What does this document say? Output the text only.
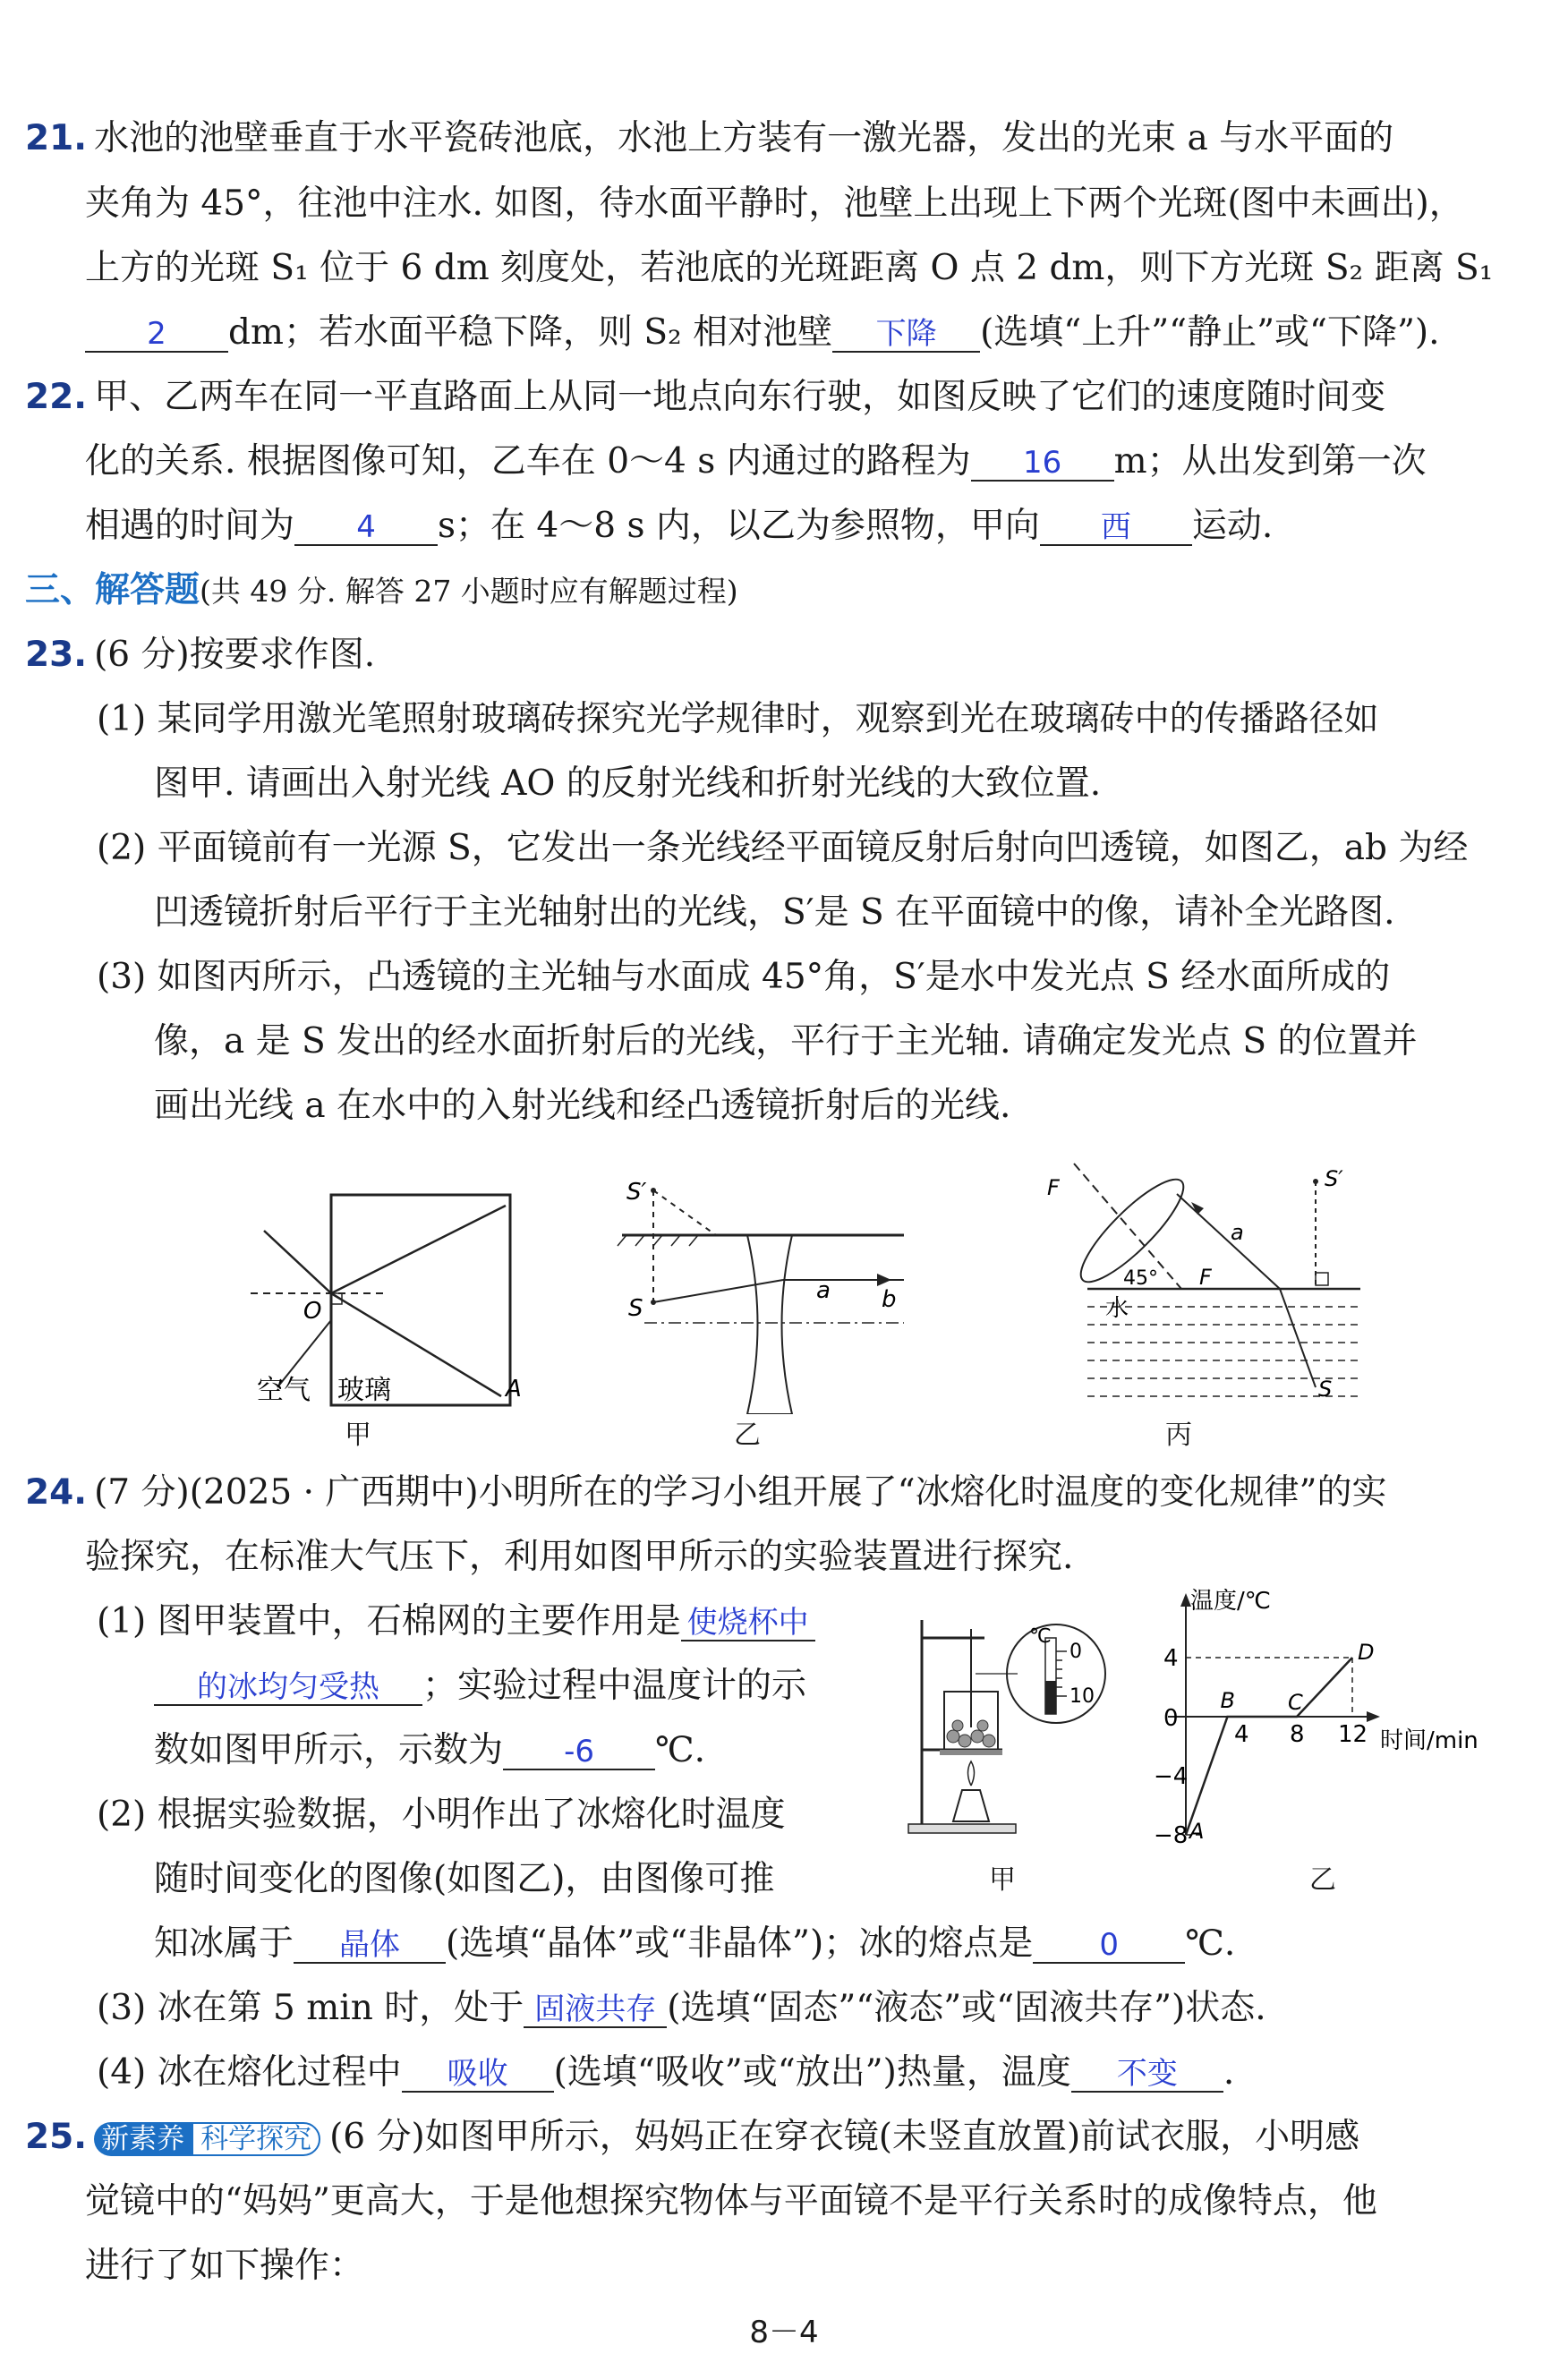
21. 水池的池壁垂直于水平瓷砖池底，水池上方装有一激光器，发出的光束 a 与水平面的
夹角为 45°，往池中注水. 如图，待水面平静时，池壁上出现上下两个光斑(图中未画出)，
上方的光斑 S₁ 位于 6 dm 刻度处，若池底的光斑距离 O 点 2 dm，则下方光斑 S₂ 距离 S₁
2 dm；若水面平稳下降，则 S₂ 相对池壁 下降 (选填“上升”“静止”或“下降”).
22. 甲、乙两车在同一平直路面上从同一地点向东行驶，如图反映了它们的速度随时间变
化的关系. 根据图像可知，乙车在 0～4 s 内通过的路程为 16 m；从出发到第一次
相遇的时间为 4 s；在 4～8 s 内，以乙为参照物，甲向 西 运动.
三、解答题(共 49 分. 解答 27 小题时应有解题过程)
23. (6 分)按要求作图.
(1) 某同学用激光笔照射玻璃砖探究光学规律时，观察到光在玻璃砖中的传播路径如
图甲. 请画出入射光线 AO 的反射光线和折射光线的大致位置.
(2) 平面镜前有一光源 S，它发出一条光线经平面镜反射后射向凹透镜，如图乙，ab 为经
凹透镜折射后平行于主光轴射出的光线，S′是 S 在平面镜中的像，请补全光路图.
(3) 如图丙所示，凸透镜的主光轴与水面成 45°角，S′是水中发光点 S 经水面所成的
像，a 是 S 发出的经水面折射后的光线，平行于主光轴. 请确定发光点 S 的位置并
画出光线 a 在水中的入射光线和经凸透镜折射后的光线.
O
A
空气 玻璃
甲
S′
S
a b
乙
F
F
45°
a
S′
S
水
丙
24. (7 分)(2025 · 广西期中)小明所在的学习小组开展了“冰熔化时温度的变化规律”的实
验探究，在标准大气压下，利用如图甲所示的实验装置进行探究.
(1) 图甲装置中，石棉网的主要作用是 使烧杯中
的冰均匀受热 ；实验过程中温度计的示
数如图甲所示，示数为 -6 ℃.
(2) 根据实验数据，小明作出了冰熔化时温度
随时间变化的图像(如图乙)，由图像可推
知冰属于 晶体 (选填“晶体”或“非晶体”)；冰的熔点是 0 ℃.
(3) 冰在第 5 min 时，处于 固液共存 (选填“固态”“液态”或“固液共存”)状态.
(4) 冰在熔化过程中 吸收 (选填“吸收”或“放出”)热量，温度 不变 .
℃
0
10
甲
温度/℃
时间/min
0
4
−4
−8
4 8 12
A
B C
D
乙
25. 新素养 科学探究 (6 分)如图甲所示，妈妈正在穿衣镜(未竖直放置)前试衣服，小明感
觉镜中的“妈妈”更高大，于是他想探究物体与平面镜不是平行关系时的成像特点，他
进行了如下操作：
8－4
